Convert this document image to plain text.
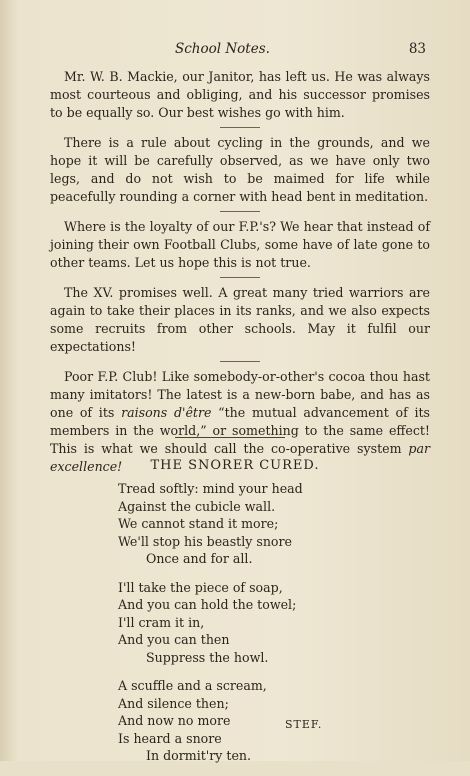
School Notes.	83

Mr. W. B. Mackie, our Janitor, has left us. He was always most courteous and obliging, and his successor promises to be equally so. Our best wishes go with him.

There is a rule about cycling in the grounds, and we hope it will be carefully observed, as we have only two legs, and do not wish to be maimed for life while peacefully rounding a corner with head bent in meditation.

Where is the loyalty of our F.P.'s? We hear that instead of joining their own Football Clubs, some have of late gone to other teams. Let us hope this is not true.

The XV. promises well. A great many tried warriors are again to take their places in its ranks, and we also expects some recruits from other schools. May it fulfil our expectations!

Poor F.P. Club! Like somebody-or-other's cocoa thou hast many imitators! The latest is a new-born babe, and has as one of its raisons d'être “the mutual advancement of its members in the world,” or something to the same effect! This is what we should call the co-operative system par excellence!	THE SNORER CURED.
Tread softly: mind your head
Against the cubicle wall.
We cannot stand it more;
We'll stop his beastly snore
Once and for all.
I'll take the piece of soap,
And you can hold the towel;
I'll cram it in,
And you can then
Suppress the howl.
A scuffle and a scream,
And silence then;
And now no more
Is heard a snore
In dormit'ry ten.
STEF.
